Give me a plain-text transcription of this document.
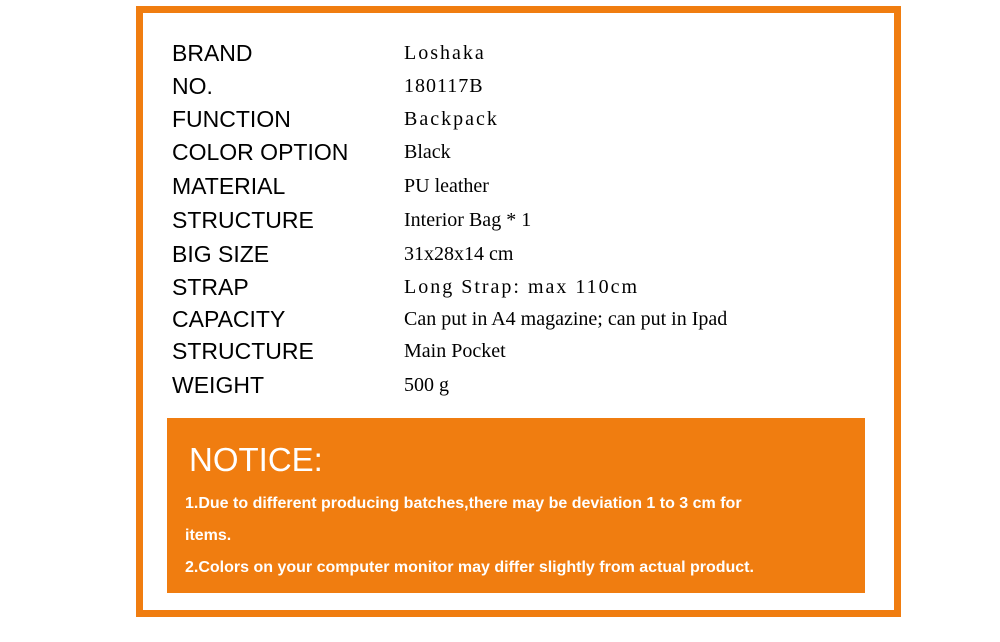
BRAND	Loshaka
NO.	180117B
FUNCTION	Backpack
COLOR OPTION	Black
MATERIAL	PU leather
STRUCTURE	Interior Bag * 1
BIG SIZE	31x28x14 cm
STRAP	Long Strap: max 110cm
CAPACITY	Can put in A4 magazine; can put in Ipad
STRUCTURE	Main Pocket
WEIGHT	500 g
NOTICE:
1.Due to different producing batches,there may be deviation 1 to 3 cm for
items.
2.Colors on your computer monitor may differ slightly from actual product.
